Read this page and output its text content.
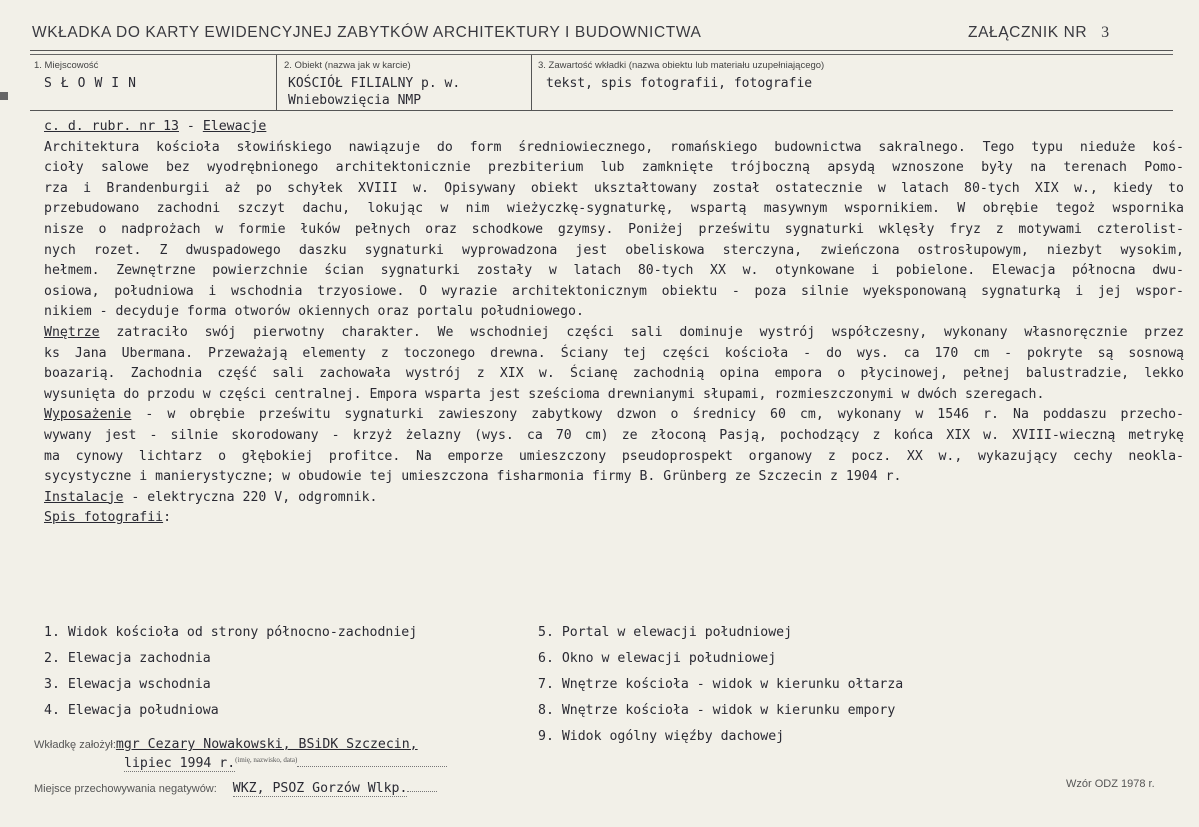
WKŁADKA DO KARTY EWIDENCYJNEJ ZABYTKÓW ARCHITEKTURY I BUDOWNICTWA	ZAŁĄCZNIK NR 3
1. Miejscowość
SŁOWIN
2. Obiekt (nazwa jak w karcie)
KOŚCIÓŁ FILIALNY p. w.
Wniebowzięcia NMP
3. Zawartość wkładki (nazwa obiektu lub materiału uzupełniającego)
tekst, spis fotografii, fotografie
c. d. rubr. nr 13 - Elewacje
Architektura kościoła słowińskiego nawiązuje do form średniowiecznego, romańskiego budownictwa sakralnego. Tego typu nieduże koś-
cioły salowe bez wyodrębnionego architektonicznie prezbiterium lub zamknięte trójboczną apsydą wznoszone były na terenach Pomo-
rza i Brandenburgii aż po schyłek XVIII w. Opisywany obiekt ukształtowany został ostatecznie w latach 80-tych XIX w., kiedy to
przebudowano zachodni szczyt dachu, lokując w nim wieżyczkę-sygnaturkę, wspartą masywnym wspornikiem. W obrębie tegoż wspornika
nisze o nadprożach w formie łuków pełnych oraz schodkowe gzymsy. Poniżej prześwitu sygnaturki wklęsły fryz z motywami czterolist-
nych rozet. Z dwuspadowego daszku sygnaturki wyprowadzona jest obeliskowa sterczyna, zwieńczona ostrosłupowym, niezbyt wysokim,
hełmem. Zewnętrzne powierzchnie ścian sygnaturki zostały w latach 80-tych XX w. otynkowane i pobielone. Elewacja północna dwu-
osiowa, południowa i wschodnia trzyosiowe. O wyrazie architektonicznym obiektu - poza silnie wyeksponowaną sygnaturką i jej wspor-
nikiem - decyduje forma otworów okiennych oraz portalu południowego.
Wnętrze zatraciło swój pierwotny charakter. We wschodniej części sali dominuje wystrój współczesny, wykonany własnoręcznie przez
ks Jana Ubermana. Przeważają elementy z toczonego drewna. Ściany tej części kościoła - do wys. ca 170 cm - pokryte są sosnową
boazarią. Zachodnia część sali zachowała wystrój z XIX w. Ścianę zachodnią opina empora o płycinowej, pełnej balustradzie, lekko
wysunięta do przodu w części centralnej. Empora wsparta jest sześcioma drewnianymi słupami, rozmieszczonymi w dwóch szeregach.
Wyposażenie - w obrębie prześwitu sygnaturki zawieszony zabytkowy dzwon o średnicy 60 cm, wykonany w 1546 r. Na poddaszu przecho-
wywany jest - silnie skorodowany - krzyż żelazny (wys. ca 70 cm) ze złoconą Pasją, pochodzący z końca XIX w. XVIII-wieczną metrykę
ma cynowy lichtarz o głębokiej profitce. Na emporze umieszczony pseudoprospekt organowy z pocz. XX w., wykazujący cechy neokla-
sycystyczne i manierystyczne; w obudowie tej umieszczona fisharmonia firmy B. Grünberg ze Szczecin z 1904 r.
Instalacje - elektryczna 220 V, odgromnik.
Spis fotografii:
1. Widok kościoła od strony północno-zachodniej
2. Elewacja zachodnia
3. Elewacja wschodnia
4. Elewacja południowa
5. Portal w elewacji południowej
6. Okno w elewacji południowej
7. Wnętrze kościoła - widok w kierunku ołtarza
8. Wnętrze kościoła - widok w kierunku empory
9. Widok ogólny więźby dachowej
Wkładkę założył:mgr Cezary Nowakowski, BSiDK Szczecin,
lipiec 1994 r.$^{(imię, nazwisko, data)}$
Miejsce przechowywania negatywów: WKZ, PSOZ Gorzów Wlkp.	Wzór ODZ 1978 r.
